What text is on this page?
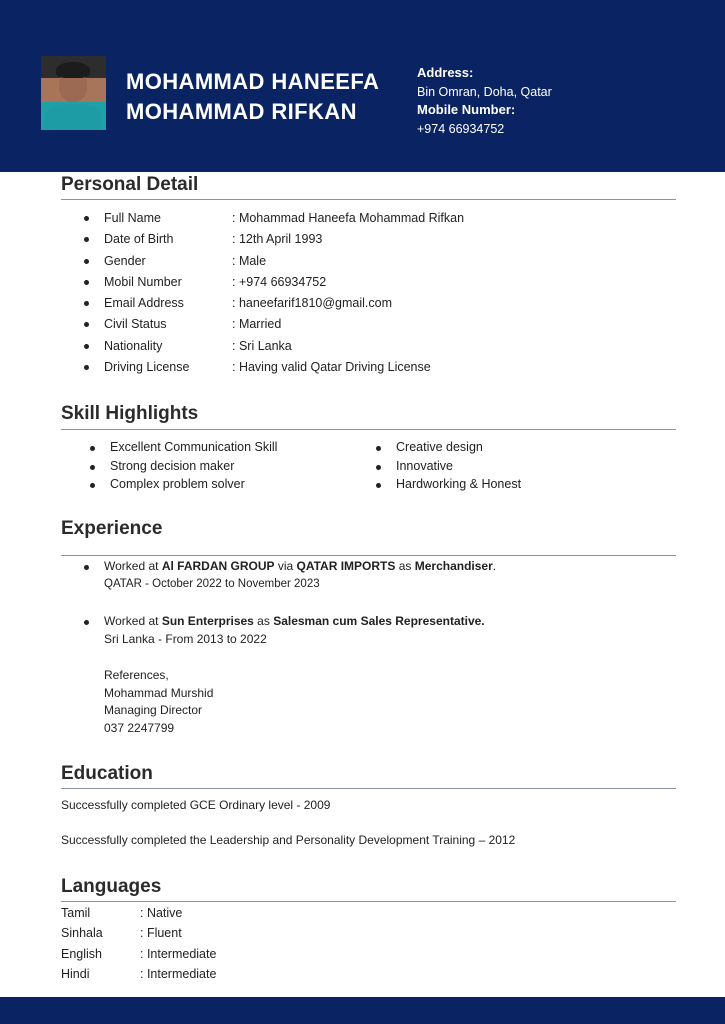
MOHAMMAD HANEEFA
MOHAMMAD RIFKAN
Address:
Bin Omran, Doha, Qatar
Mobile Number:
+974 66934752
Personal Detail
Full Name	: Mohammad Haneefa Mohammad Rifkan
Date of Birth	: 12th April 1993
Gender	: Male
Mobil Number	: +974 66934752
Email Address	: haneefarif1810@gmail.com
Civil Status	: Married
Nationality	: Sri Lanka
Driving License	: Having valid Qatar Driving License
Skill Highlights
Excellent Communication Skill
Strong decision maker
Complex problem solver
Creative design
Innovative
Hardworking & Honest
Experience
Worked at Al FARDAN GROUP via QATAR IMPORTS as Merchandiser.
QATAR - October 2022 to November 2023
Worked at Sun Enterprises as Salesman cum Sales Representative.
Sri Lanka - From 2013 to 2022
References,
Mohammad Murshid
Managing Director
037 2247799
Education
Successfully completed GCE Ordinary level - 2009
Successfully completed the Leadership and Personality Development Training – 2012
Languages
Tamil	: Native
Sinhala	: Fluent
English	: Intermediate
Hindi	: Intermediate
